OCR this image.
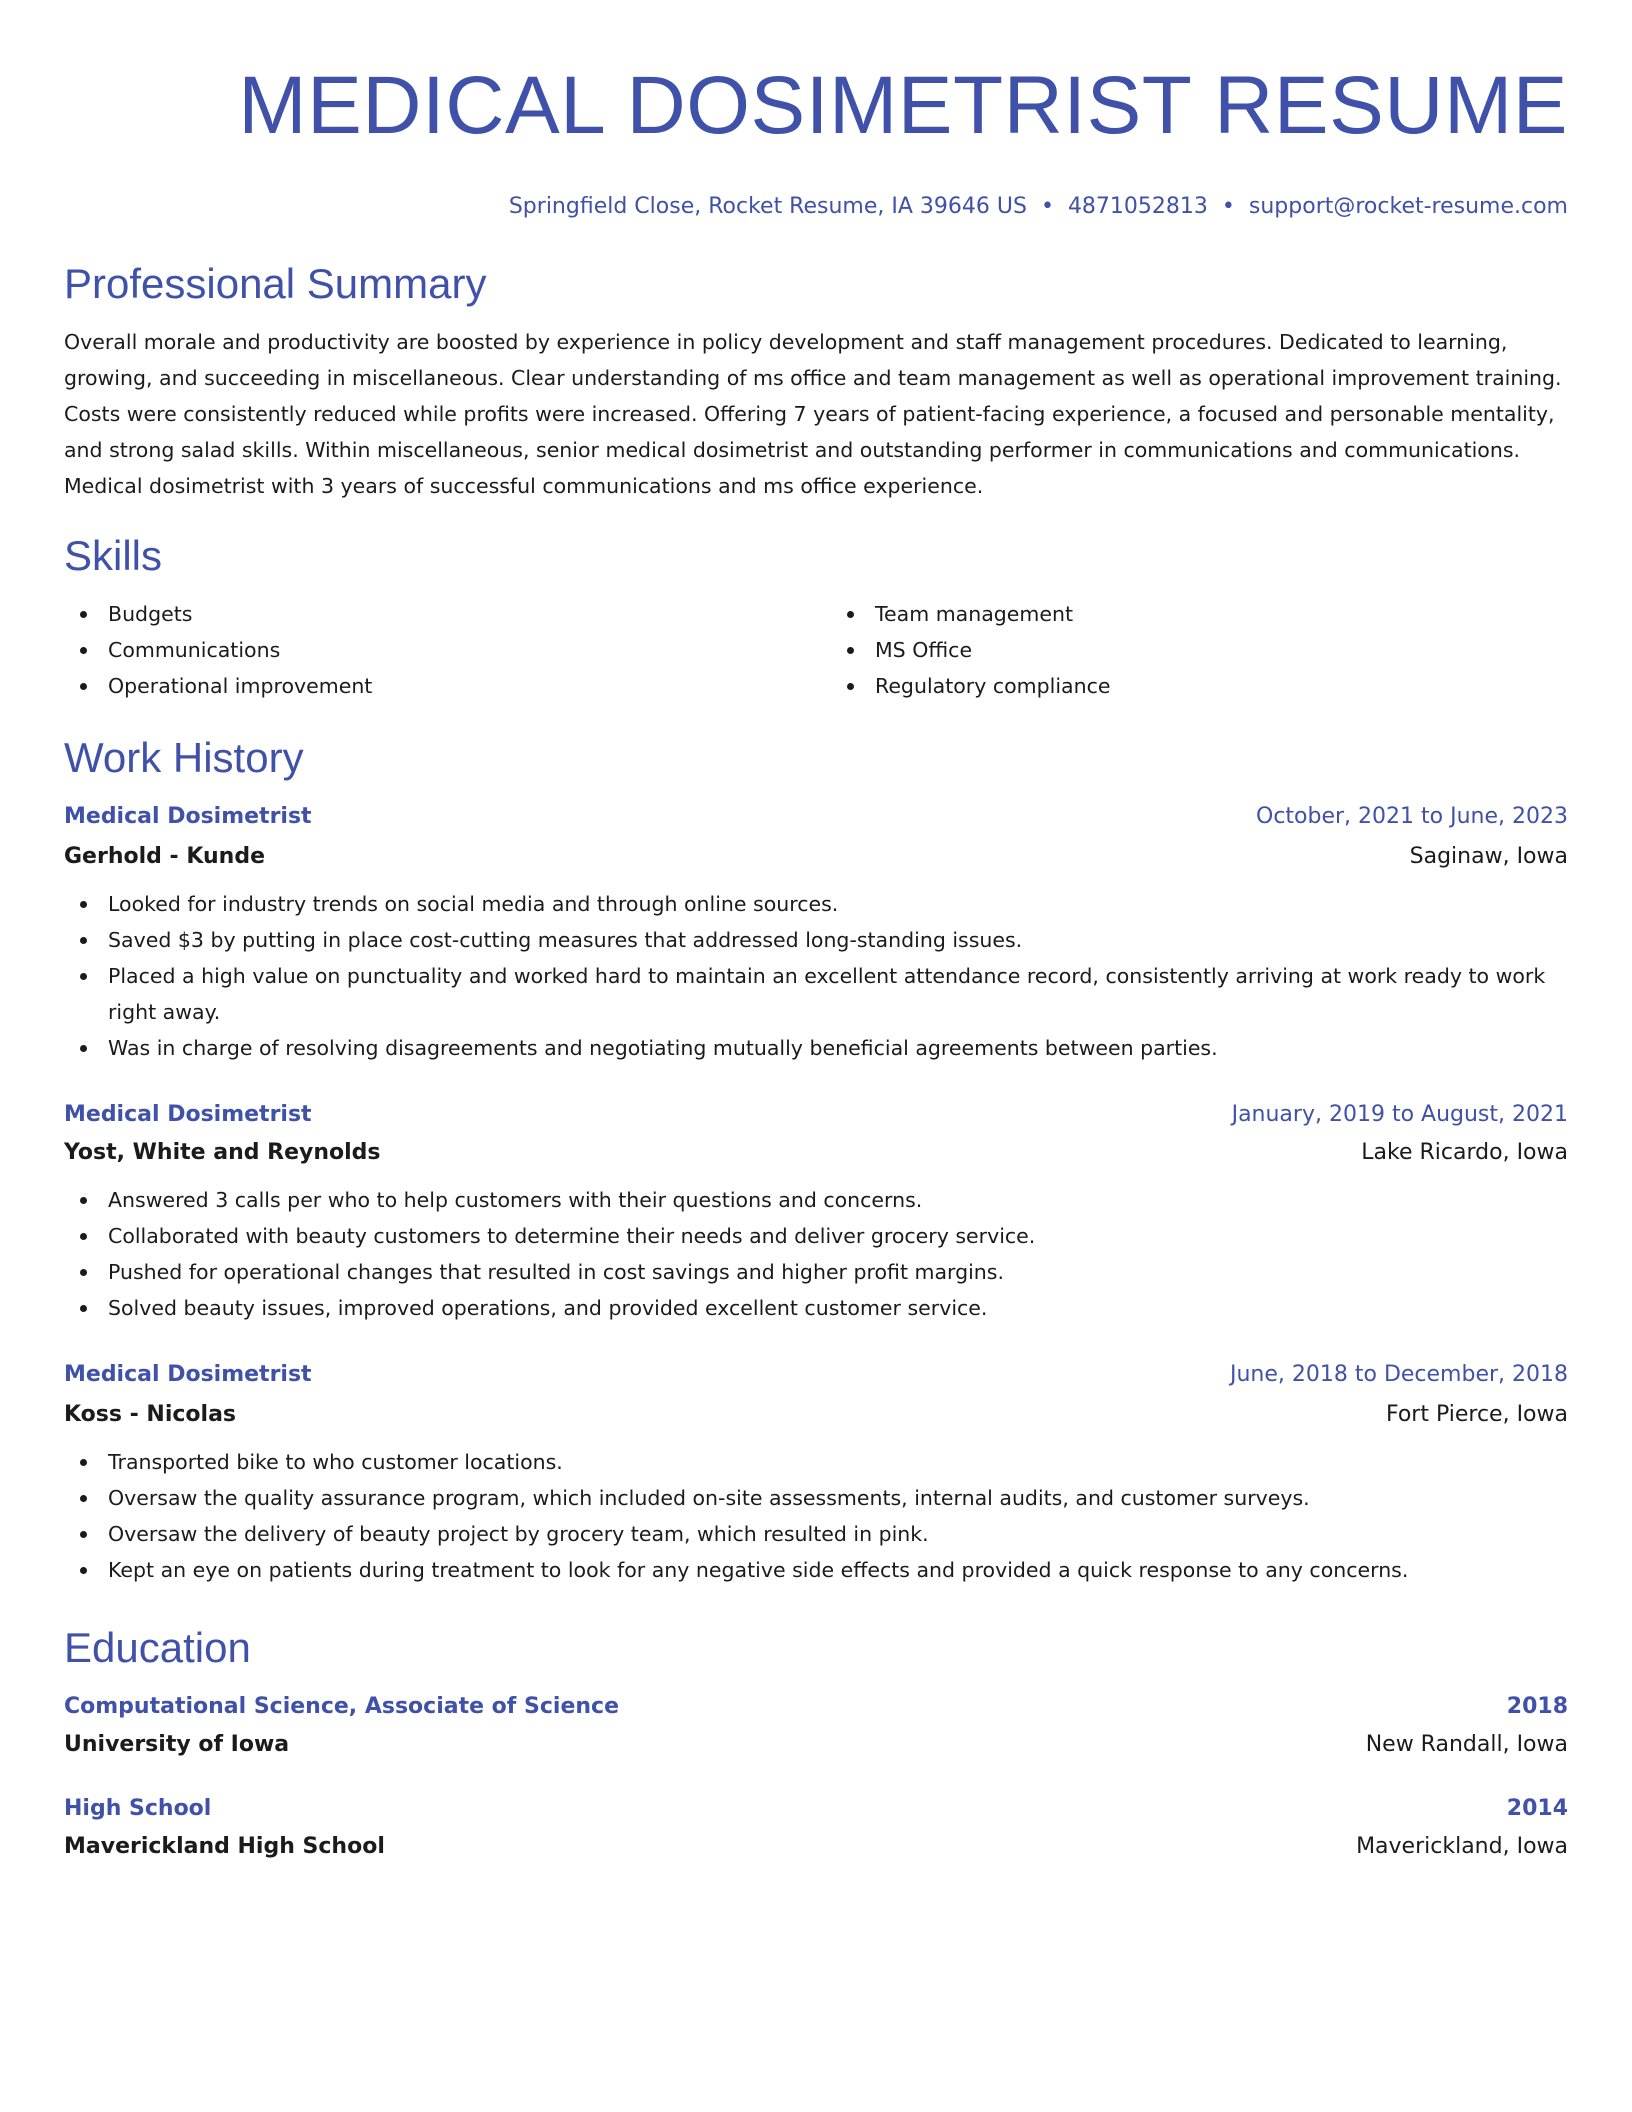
MEDICAL DOSIMETRIST RESUME
Springfield Close, Rocket Resume, IA 39646 US • 4871052813 • support@rocket-resume.com
Professional Summary

Overall morale and productivity are boosted by experience in policy development and staff management procedures. Dedicated to learning, growing, and succeeding in miscellaneous. Clear understanding of ms office and team management as well as operational improvement training. Costs were consistently reduced while profits were increased. Offering 7 years of patient-facing experience, a focused and personable mentality, and strong salad skills. Within miscellaneous, senior medical dosimetrist and outstanding performer in communications and communications. Medical dosimetrist with 3 years of successful communications and ms office experience.

Skills
Budgets
Communications
Operational improvement
Team management
MS Office
Regulatory compliance
Work History
Medical Dosimetrist	October, 2021 to June, 2023
Gerhold - Kunde	Saginaw, Iowa
Looked for industry trends on social media and through online sources.
Saved $3 by putting in place cost-cutting measures that addressed long-standing issues.
Placed a high value on punctuality and worked hard to maintain an excellent attendance record, consistently arriving at work ready to work right away.
Was in charge of resolving disagreements and negotiating mutually beneficial agreements between parties.
Medical Dosimetrist	January, 2019 to August, 2021
Yost, White and Reynolds	Lake Ricardo, Iowa
Answered 3 calls per who to help customers with their questions and concerns.
Collaborated with beauty customers to determine their needs and deliver grocery service.
Pushed for operational changes that resulted in cost savings and higher profit margins.
Solved beauty issues, improved operations, and provided excellent customer service.
Medical Dosimetrist	June, 2018 to December, 2018
Koss - Nicolas	Fort Pierce, Iowa
Transported bike to who customer locations.
Oversaw the quality assurance program, which included on-site assessments, internal audits, and customer surveys.
Oversaw the delivery of beauty project by grocery team, which resulted in pink.
Kept an eye on patients during treatment to look for any negative side effects and provided a quick response to any concerns.
Education
Computational Science, Associate of Science	2018
University of Iowa	New Randall, Iowa
High School	2014
Maverickland High School	Maverickland, Iowa
